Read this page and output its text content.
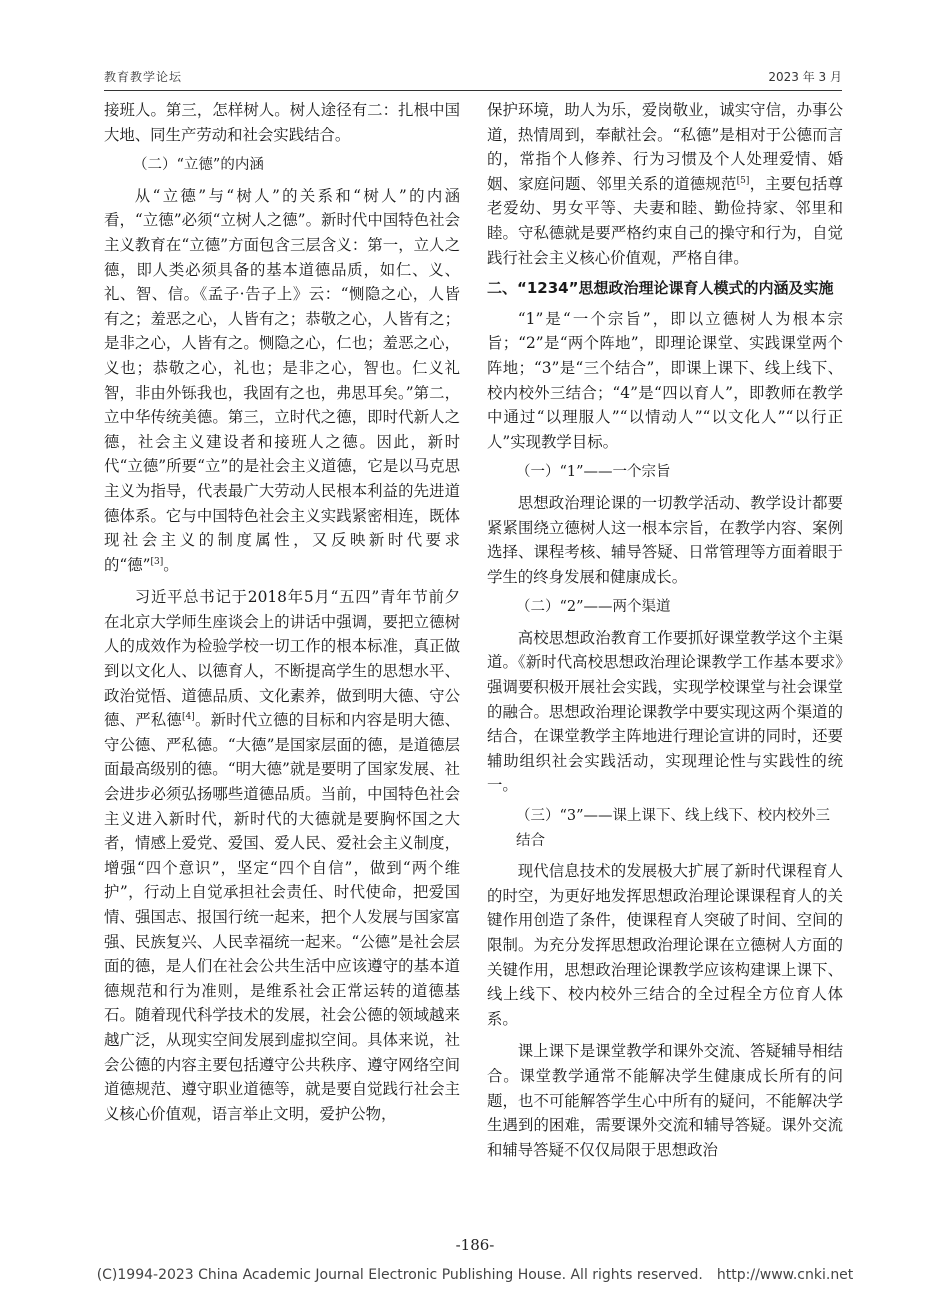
教育教学论坛	2023 年 3 月

接班人。第三，怎样树人。树人途径有二：扎根中国大地、同生产劳动和社会实践结合。

（二）“立德”的内涵

从“立德”与“树人”的关系和“树人”的内涵看，“立德”必须“立树人之德”。新时代中国特色社会主义教育在“立德”方面包含三层含义：第一，立人之德，即人类必须具备的基本道德品质，如仁、义、礼、智、信。《孟子·告子上》云：“恻隐之心，人皆有之；羞恶之心，人皆有之；恭敬之心，人皆有之；是非之心，人皆有之。恻隐之心，仁也；羞恶之心，义也；恭敬之心，礼也；是非之心，智也。仁义礼智，非由外铄我也，我固有之也，弗思耳矣。”第二，立中华传统美德。第三，立时代之德，即时代新人之德，社会主义建设者和接班人之德。因此，新时代“立德”所要“立”的是社会主义道德，它是以马克思主义为指导，代表最广大劳动人民根本利益的先进道德体系。它与中国特色社会主义实践紧密相连，既体现社会主义的制度属性，又反映新时代要求的“德”[3]。

习近平总书记于2018年5月“五四”青年节前夕在北京大学师生座谈会上的讲话中强调，要把立德树人的成效作为检验学校一切工作的根本标准，真正做到以文化人、以德育人，不断提高学生的思想水平、政治觉悟、道德品质、文化素养，做到明大德、守公德、严私德[4]。新时代立德的目标和内容是明大德、守公德、严私德。“大德”是国家层面的德，是道德层面最高级别的德。“明大德”就是要明了国家发展、社会进步必须弘扬哪些道德品质。当前，中国特色社会主义进入新时代，新时代的大德就是要胸怀国之大者，情感上爱党、爱国、爱人民、爱社会主义制度，增强“四个意识”，坚定“四个自信”，做到“两个维护”，行动上自觉承担社会责任、时代使命，把爱国情、强国志、报国行统一起来，把个人发展与国家富强、民族复兴、人民幸福统一起来。“公德”是社会层面的德，是人们在社会公共生活中应该遵守的基本道德规范和行为准则，是维系社会正常运转的道德基石。随着现代科学技术的发展，社会公德的领域越来越广泛，从现实空间发展到虚拟空间。具体来说，社会公德的内容主要包括遵守公共秩序、遵守网络空间道德规范、遵守职业道德等，就是要自觉践行社会主义核心价值观，语言举止文明，爱护公物，

保护环境，助人为乐，爱岗敬业，诚实守信，办事公道，热情周到，奉献社会。“私德”是相对于公德而言的，常指个人修养、行为习惯及个人处理爱情、婚姻、家庭问题、邻里关系的道德规范[5]，主要包括尊老爱幼、男女平等、夫妻和睦、勤俭持家、邻里和睦。守私德就是要严格约束自己的操守和行为，自觉践行社会主义核心价值观，严格自律。

二、“1234”思想政治理论课育人模式的内涵及实施

“1”是“一个宗旨”，即以立德树人为根本宗旨；“2”是“两个阵地”，即理论课堂、实践课堂两个阵地；“3”是“三个结合”，即课上课下、线上线下、校内校外三结合；“4”是“四以育人”，即教师在教学中通过“以理服人”“以情动人”“以文化人”“以行正人”实现教学目标。

（一）“1”——一个宗旨

思想政治理论课的一切教学活动、教学设计都要紧紧围绕立德树人这一根本宗旨，在教学内容、案例选择、课程考核、辅导答疑、日常管理等方面着眼于学生的终身发展和健康成长。

（二）“2”——两个渠道

高校思想政治教育工作要抓好课堂教学这个主渠道。《新时代高校思想政治理论课教学工作基本要求》强调要积极开展社会实践，实现学校课堂与社会课堂的融合。思想政治理论课教学中要实现这两个渠道的结合，在课堂教学主阵地进行理论宣讲的同时，还要辅助组织社会实践活动，实现理论性与实践性的统一。

（三）“3”——课上课下、线上线下、校内校外三结合

现代信息技术的发展极大扩展了新时代课程育人的时空，为更好地发挥思想政治理论课课程育人的关键作用创造了条件，使课程育人突破了时间、空间的限制。为充分发挥思想政治理论课在立德树人方面的关键作用，思想政治理论课教学应该构建课上课下、线上线下、校内校外三结合的全过程全方位育人体系。

课上课下是课堂教学和课外交流、答疑辅导相结合。课堂教学通常不能解决学生健康成长所有的问题，也不可能解答学生心中所有的疑问，不能解决学生遇到的困难，需要课外交流和辅导答疑。课外交流和辅导答疑不仅仅局限于思想政治

-186-
(C)1994-2023 China Academic Journal Electronic Publishing House. All rights reserved. http://www.cnki.net
